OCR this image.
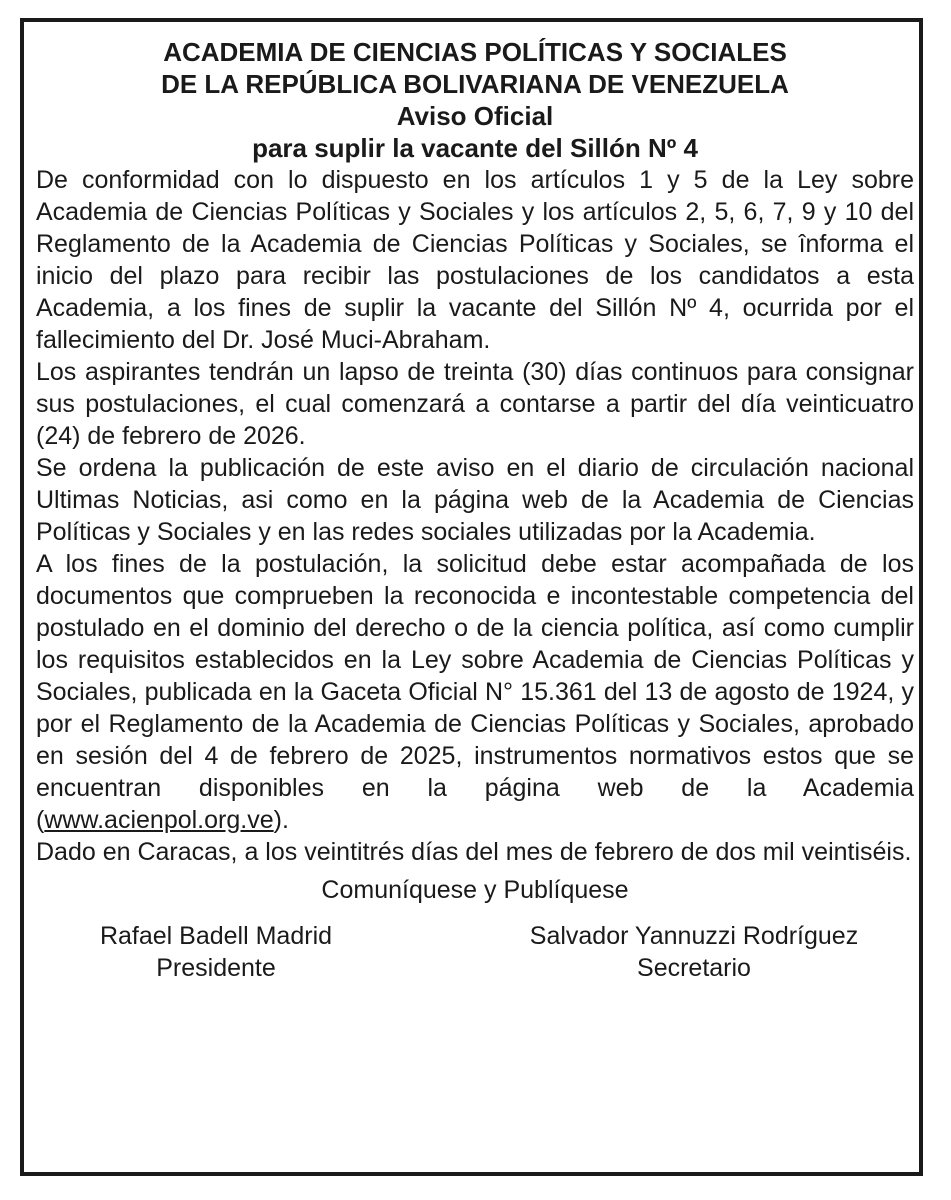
ACADEMIA DE CIENCIAS POLÍTICAS Y SOCIALES

DE LA REPÚBLICA BOLIVARIANA DE VENEZUELA

Aviso Oficial

para suplir la vacante del Sillón Nº 4

De conformidad con lo dispuesto en los artículos 1 y 5 de la Ley sobre Academia de Ciencias Políticas y Sociales y los artículos 2, 5, 6, 7, 9 y 10 del Reglamento de la Academia de Ciencias Políticas y Sociales, se înforma el inicio del plazo para recibir las postulaciones de los candidatos a esta Academia, a los fines de suplir la vacante del Sillón Nº 4, ocurrida por el fallecimiento del Dr. José Muci-Abraham.

Los aspirantes tendrán un lapso de treinta (30) días continuos para consignar sus postulaciones, el cual comenzará a contarse a partir del día veinticuatro (24) de febrero de 2026.

Se ordena la publicación de este aviso en el diario de circulación nacional Ultimas Noticias, asi como en la página web de la Academia de Ciencias Políticas y Sociales y en las redes sociales utilizadas por la Academia.

A los fines de la postulación, la solicitud debe estar acompañada de los documentos que comprueben la reconocida e incontestable competencia del postulado en el dominio del derecho o de la ciencia política, así como cumplir los requisitos establecidos en la Ley sobre Academia de Ciencias Políticas y Sociales, publicada en la Gaceta Oficial N° 15.361 del 13 de agosto de 1924, y por el Reglamento de la Academia de Ciencias Políticas y Sociales, aprobado en sesión del 4 de febrero de 2025, instrumentos normativos estos que se encuentran disponibles en la página web de la Academia (www.acienpol.org.ve).

Dado en Caracas, a los veintitrés días del mes de febrero de dos mil veintiséis.

Comuníquese y Publíquese
Rafael Badell Madrid
Presidente
Salvador Yannuzzi Rodríguez
Secretario
